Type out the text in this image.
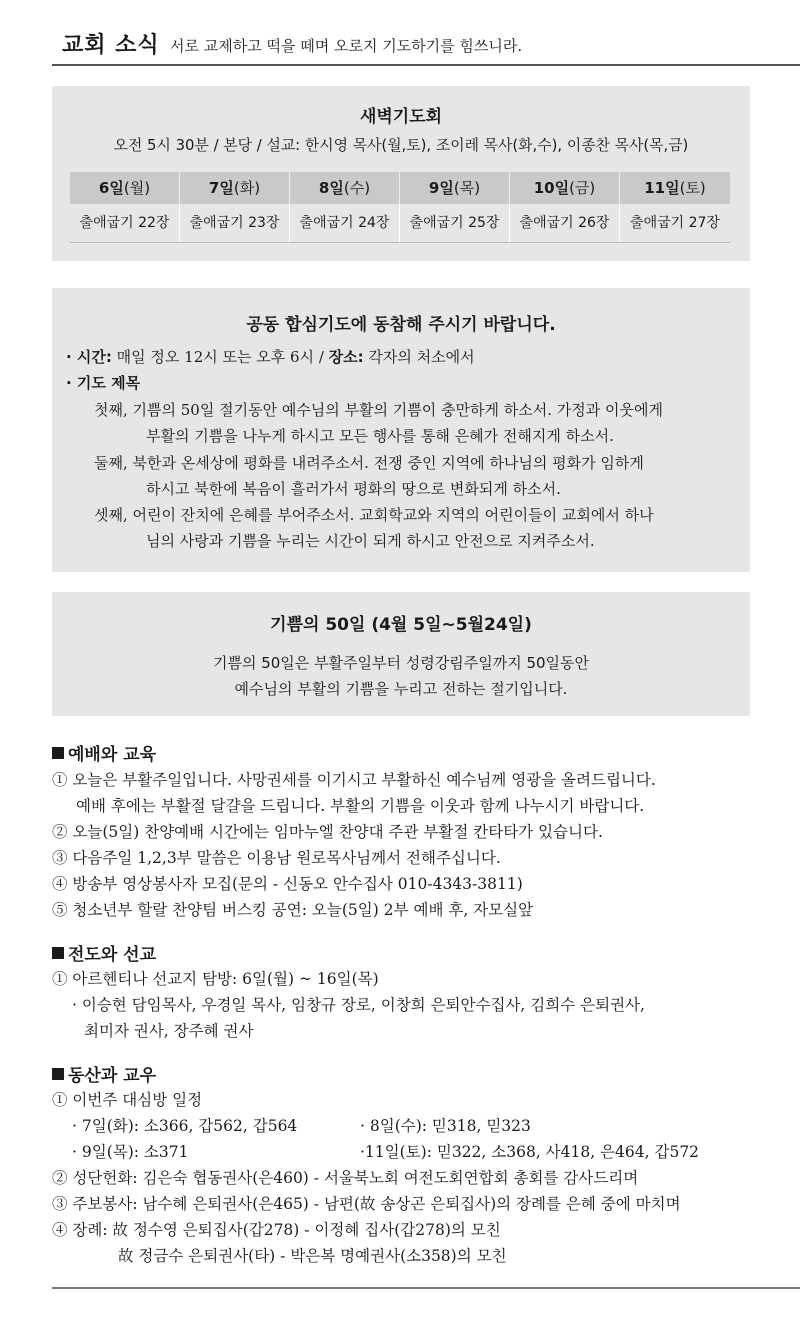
교회 소식 서로 교제하고 떡을 떼며 오로지 기도하기를 힘쓰니라.
새벽기도회
오전 5시 30분 / 본당 / 설교: 한시영 목사(월,토), 조이레 목사(화,수), 이종찬 목사(목,금)
6일(월)	7일(화)	8일(수)	9일(목)	10일(금)	11일(토)
출애굽기 22장	출애굽기 23장	출애굽기 24장	출애굽기 25장	출애굽기 26장	출애굽기 27장
공동 합심기도에 동참해 주시기 바랍니다.
· 시간: 매일 정오 12시 또는 오후 6시 / 장소: 각자의 처소에서
· 기도 제목
첫째, 기쁨의 50일 절기동안 예수님의 부활의 기쁨이 충만하게 하소서. 가정과 이웃에게
부활의 기쁨을 나누게 하시고 모든 행사를 통해 은혜가 전해지게 하소서.
둘째, 북한과 온세상에 평화를 내려주소서. 전쟁 중인 지역에 하나님의 평화가 임하게
하시고 북한에 복음이 흘러가서 평화의 땅으로 변화되게 하소서.
셋째, 어린이 잔치에 은혜를 부어주소서. 교회학교와 지역의 어린이들이 교회에서 하나
님의 사랑과 기쁨을 누리는 시간이 되게 하시고 안전으로 지켜주소서.
기쁨의 50일 (4월 5일~5월24일)
기쁨의 50일은 부활주일부터 성령강림주일까지 50일동안
예수님의 부활의 기쁨을 누리고 전하는 절기입니다.
예배와 교육
① 오늘은 부활주일입니다. 사망권세를 이기시고 부활하신 예수님께 영광을 올려드립니다.
예배 후에는 부활절 달걀을 드립니다. 부활의 기쁨을 이웃과 함께 나누시기 바랍니다.
② 오늘(5일) 찬양예배 시간에는 임마누엘 찬양대 주관 부활절 칸타타가 있습니다.
③ 다음주일 1,2,3부 말씀은 이용남 원로목사님께서 전해주십니다.
④ 방송부 영상봉사자 모집(문의 - 신동오 안수집사 010-4343-3811)
⑤ 청소년부 할랄 찬양팀 버스킹 공연: 오늘(5일) 2부 예배 후, 자모실앞
전도와 선교
① 아르헨티나 선교지 탐방: 6일(월) ~ 16일(목)
· 이승현 담임목사, 우경일 목사, 임창규 장로, 이창희 은퇴안수집사, 김희수 은퇴권사,
최미자 권사, 장주혜 권사
동산과 교우
① 이번주 대심방 일정
· 7일(화): 소366, 갑562, 갑564	· 8일(수): 믿318, 믿323
· 9일(목): 소371	·11일(토): 믿322, 소368, 사418, 은464, 갑572
② 성단헌화: 김은숙 협동권사(은460) - 서울북노회 여전도회연합회 총회를 감사드리며
③ 주보봉사: 남수혜 은퇴권사(은465) - 남편(故 송상곤 은퇴집사)의 장례를 은혜 중에 마치며
④ 장례: 故 정수영 은퇴집사(갑278) - 이정혜 집사(갑278)의 모친
故 정금수 은퇴권사(타) - 박은복 명예권사(소358)의 모친
